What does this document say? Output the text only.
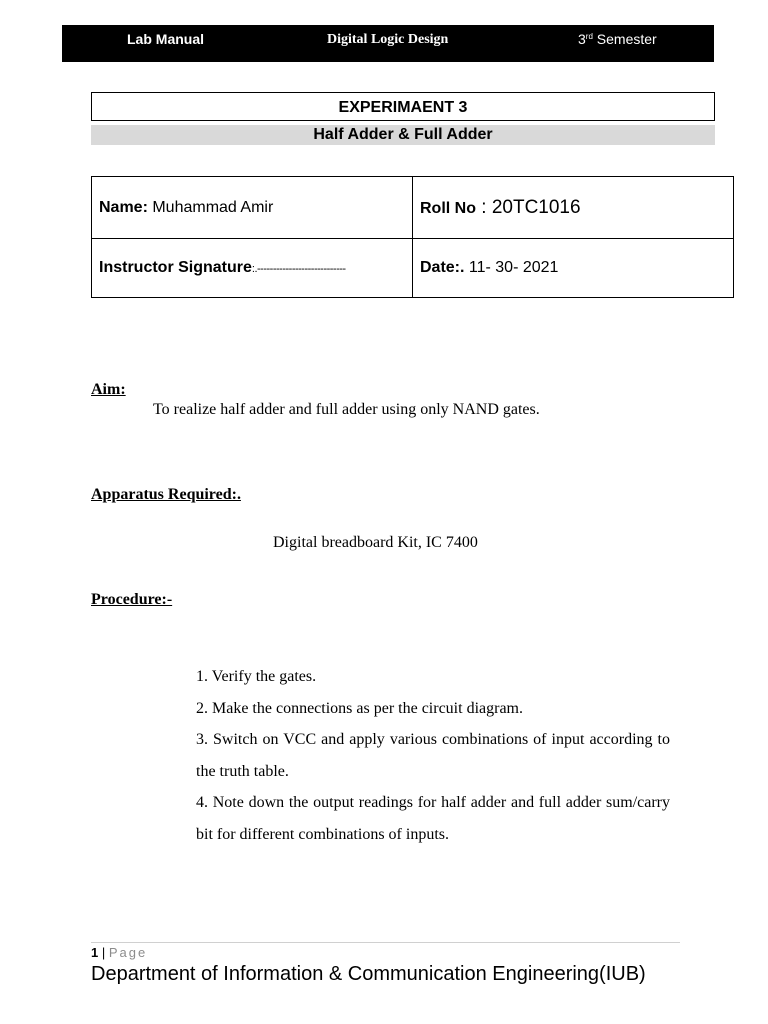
Lab Manual	Digital Logic Design	3rd Semester
EXPERIMAENT 3
Half Adder & Full Adder
Name: Muhammad Amir	Roll No : 20TC1016
Instructor Signature:.----------------------------	Date:. 11- 30- 2021
Aim:
To realize half adder and full adder using only NAND gates.
Apparatus Required:.
Digital breadboard Kit, IC 7400
Procedure:-

1. Verify the gates.

2. Make the connections as per the circuit diagram.

3. Switch on VCC and apply various combinations of input according to the truth table.

4. Note down the output readings for half adder and full adder sum/carry bit for different combinations of inputs.

1 | Page
Department of Information & Communication Engineering(IUB)
